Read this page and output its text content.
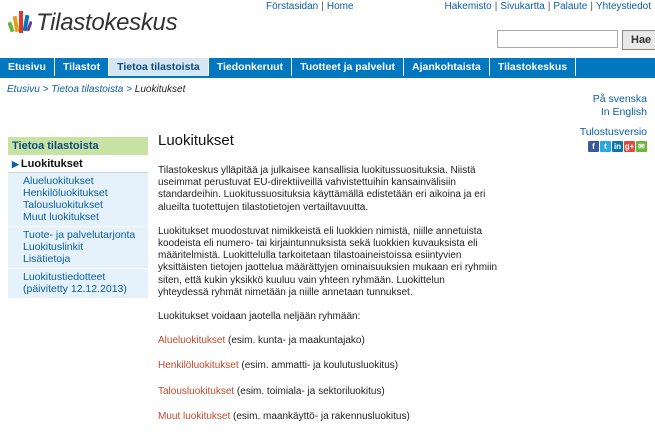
Tilastokeskus
Förstasidan | Home	Hakemisto | Sivukartta | Palaute | Yhteystiedot
Hae
Etusivu	Tilastot	Tietoa tilastoista	Tiedonkeruut	Tuotteet ja palvelut	Ajankohtaista	Tilastokeskus
Etusivu > Tietoa tilastoista > Luokitukset
På svenska
In English
Tulostusversio
f	t in g+ ✉
Tietoa tilastoista
▶ Luokitukset
Alueluokitukset
Henkilöluokitukset
Talousluokitukset
Muut luokitukset
Tuote- ja palvelutarjonta
Luokituslinkit
Lisätietoja
Luokitustiedotteet
(päivitetty 12.12.2013)
Luokitukset

Tilastokeskus ylläpitää ja julkaisee kansallisia luokitussuosituksia. Niistä useimmat perustuvat EU-direktiiveillä vahvistettuihin kansainvälisiin standardeihin. Luokitussuosituksia käyttämällä edistetään eri aikoina ja eri alueilta tuotettujen tilastotietojen vertailtavuutta.

Luokitukset muodostuvat nimikkeistä eli luokkien nimistä, niille annetuista koodeista eli numero- tai kirjaintunnuksista sekä luokkien kuvauksista eli määritelmistä. Luokittelulla tarkoitetaan tilastoaineistoissa esiintyvien yksittäisten tietojen jaottelua määrättyjen ominaisuuksien mukaan eri ryhmiin siten, että kukin yksikkö kuuluu vain yhteen ryhmään. Luokittelun yhteydessä ryhmät nimetään ja niille annetaan tunnukset.

Luokitukset voidaan jaotella neljään ryhmään:

Alueluokitukset (esim. kunta- ja maakuntajako)

Henkilöluokitukset (esim. ammatti- ja koulutusluokitus)

Talousluokitukset (esim. toimiala- ja sektoriluokitus)

Muut luokitukset (esim. maankäyttö- ja rakennusluokitus)
